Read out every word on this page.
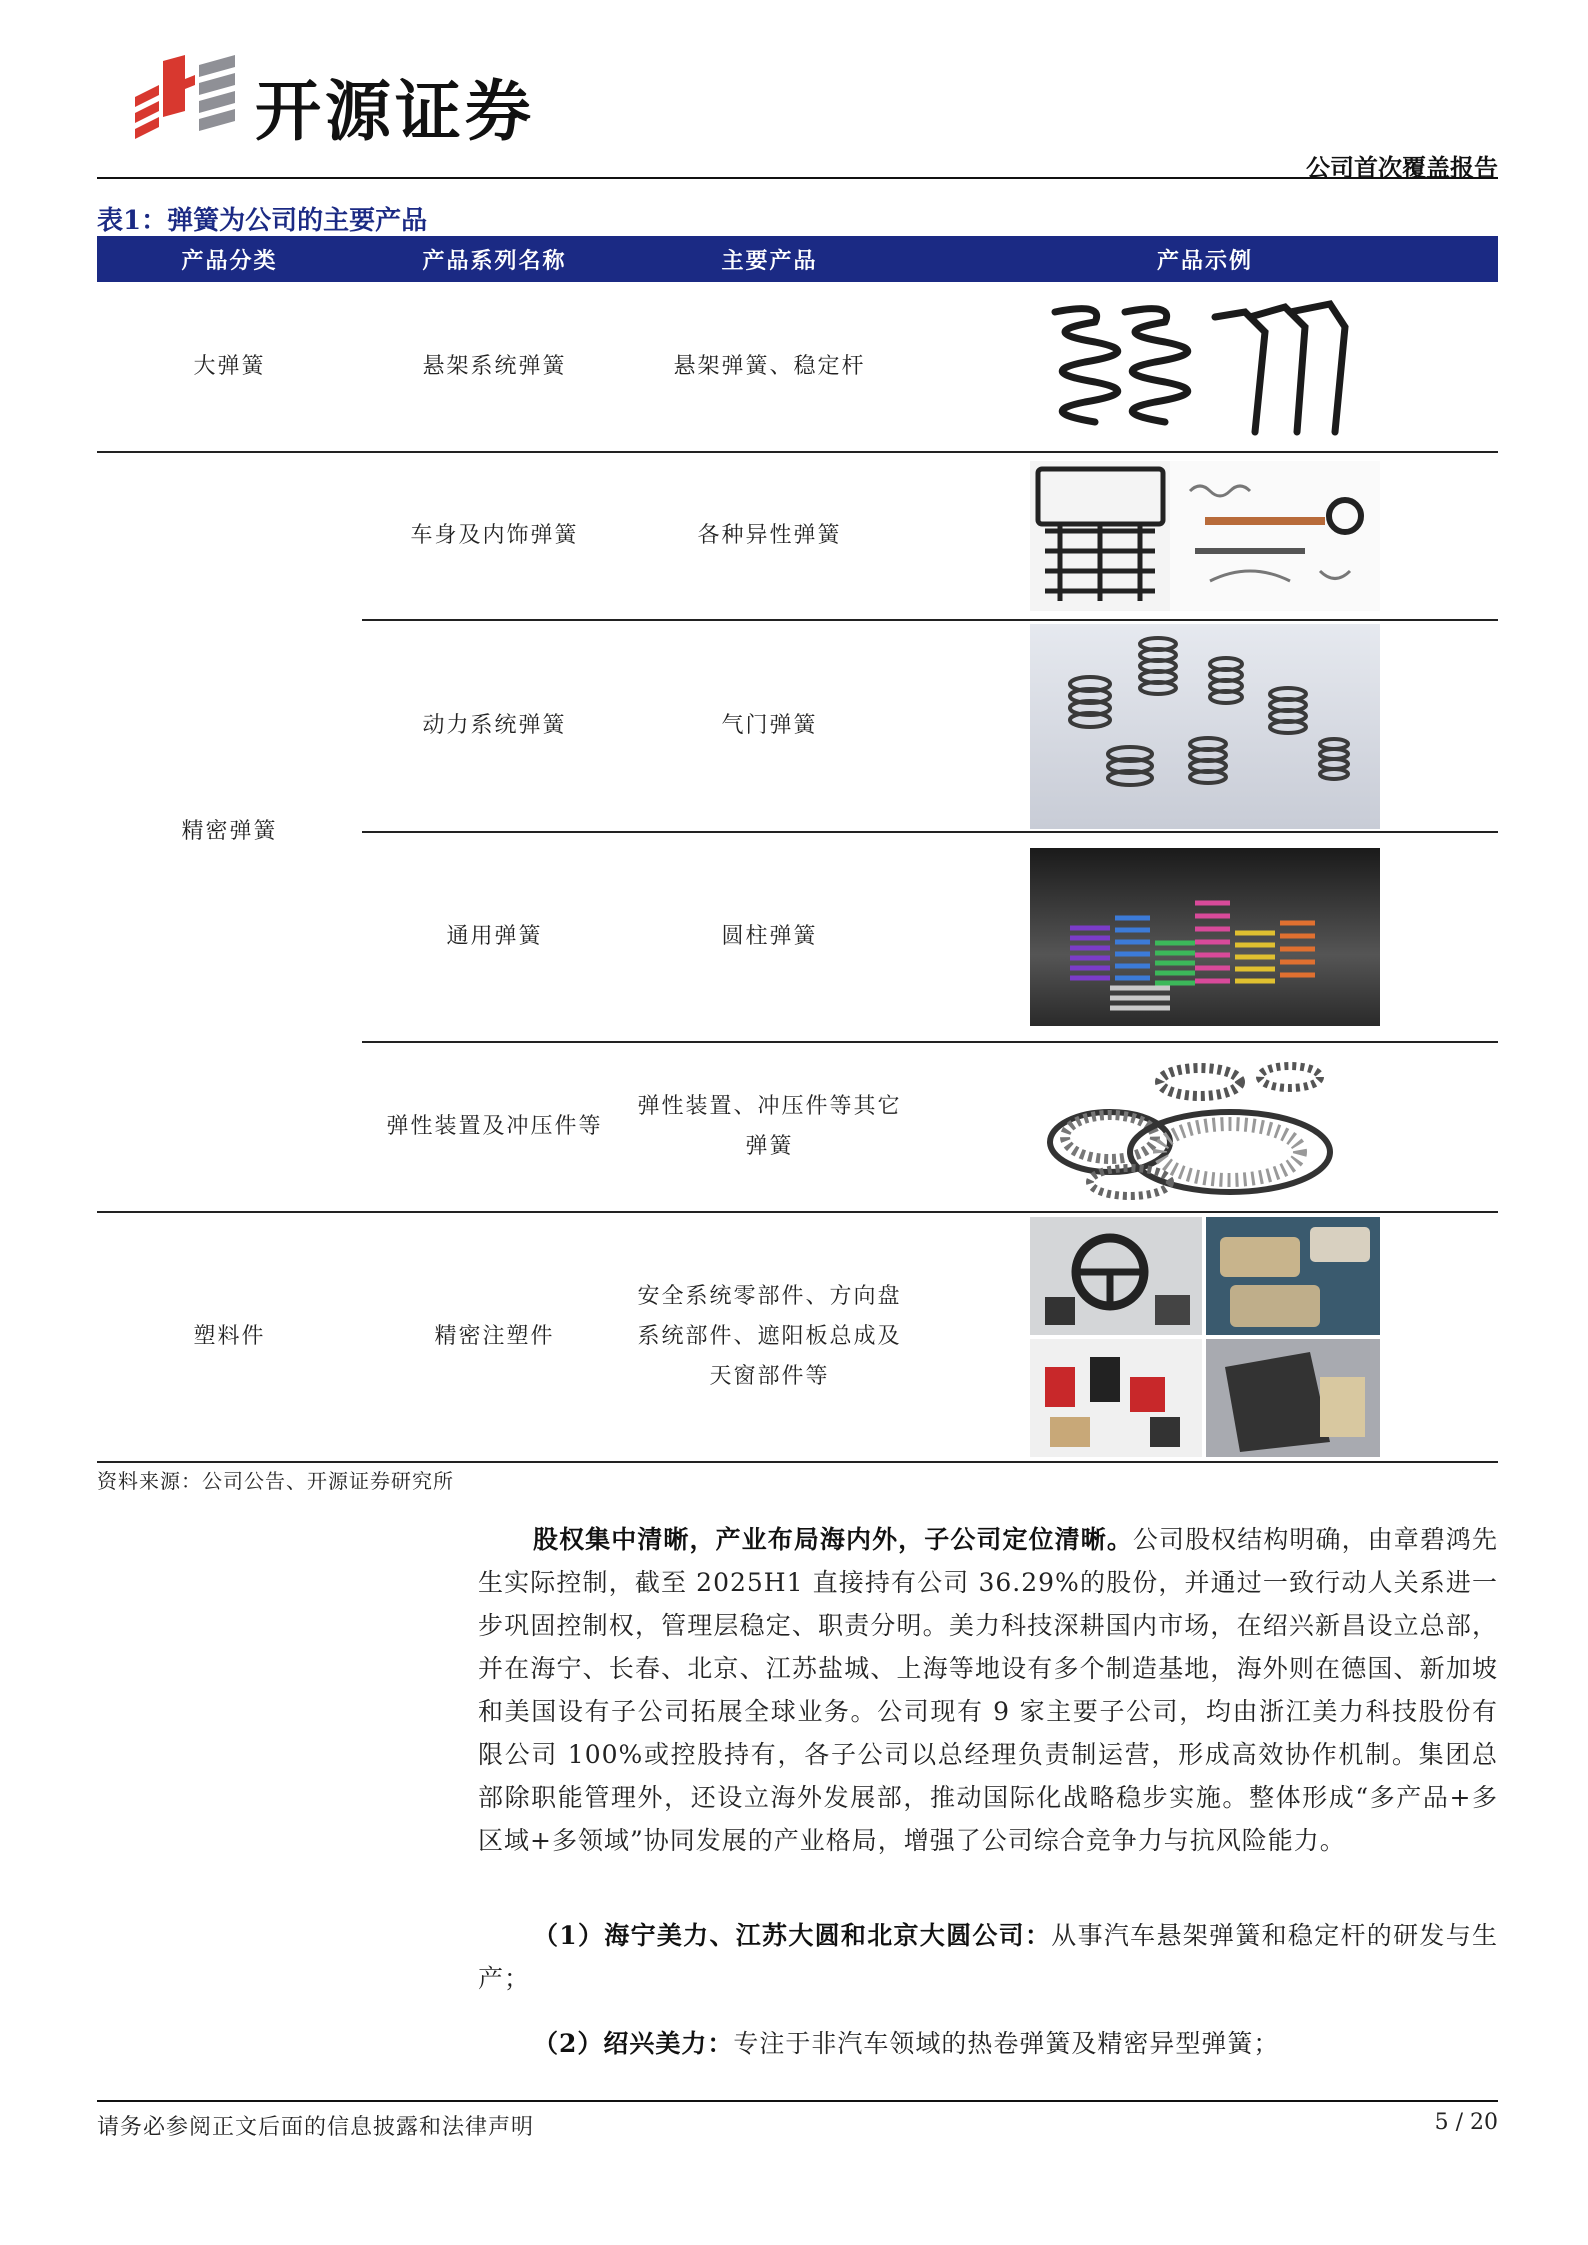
开源证券
公司首次覆盖报告
表1：弹簧为公司的主要产品
产品分类	产品系列名称	主要产品	产品示例
大弹簧	悬架系统弹簧	悬架弹簧、稳定杆	

精密弹簧	车身及内饰弹簧	各种异性弹簧	

	动力系统弹簧	气门弹簧	

	通用弹簧	圆柱弹簧	

	弹性装置及冲压件等	弹性装置、冲压件等其它
弹簧

塑料件	精密注塑件	安全系统零部件、方向盘
系统部件、遮阳板总成及
天窗部件等

资料来源：公司公告、开源证券研究所
股权集中清晰，产业布局海内外，子公司定位清晰。公司股权结构明确，由章碧鸿先生实际控制，截至 2025H1 直接持有公司 36.29%的股份，并通过一致行动人关系进一步巩固控制权，管理层稳定、职责分明。美力科技深耕国内市场，在绍兴新昌设立总部，并在海宁、长春、北京、江苏盐城、上海等地设有多个制造基地，海外则在德国、新加坡和美国设有子公司拓展全球业务。公司现有 9 家主要子公司，均由浙江美力科技股份有限公司 100%或控股持有，各子公司以总经理负责制运营，形成高效协作机制。集团总部除职能管理外，还设立海外发展部，推动国际化战略稳步实施。整体形成“多产品+多区域+多领域”协同发展的产业格局，增强了公司综合竞争力与抗风险能力。
（1）海宁美力、江苏大圆和北京大圆公司：从事汽车悬架弹簧和稳定杆的研发与生产；
（2）绍兴美力：专注于非汽车领域的热卷弹簧及精密异型弹簧；
请务必参阅正文后面的信息披露和法律声明	5 / 20
